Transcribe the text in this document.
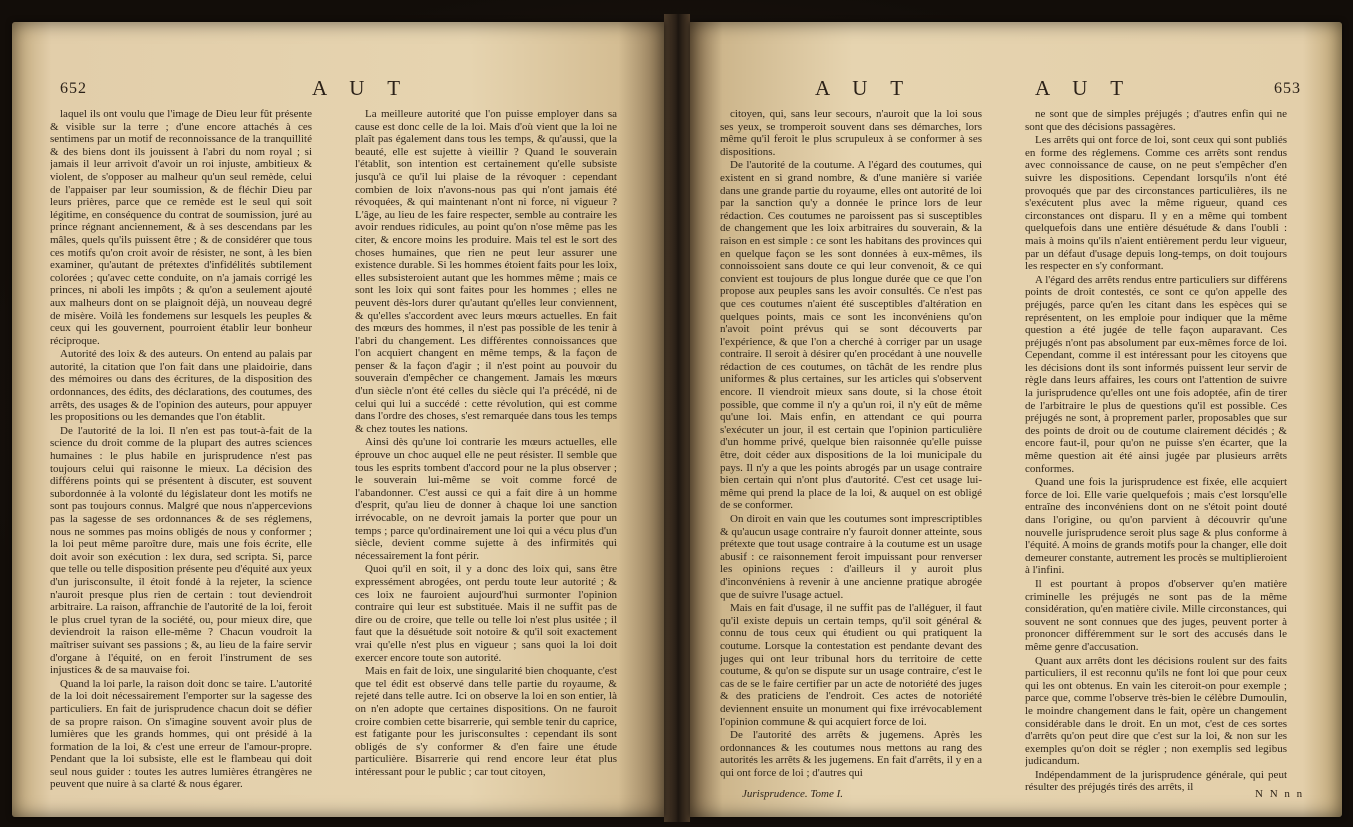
652	A U T

laquel ils ont voulu que l'image de Dieu leur fût présente & visible sur la terre ; d'une encore attachés à ces sentimens par un motif de reconnoissance de la tranquillité & des biens dont ils jouissent à l'abri du nom royal ; si jamais il leur arrivoit d'avoir un roi injuste, ambitieux & violent, de s'opposer au malheur qu'un seul remède, celui de l'appaiser par leur soumission, & de fléchir Dieu par leurs prières, parce que ce remède est le seul qui soit légitime, en conséquence du contrat de soumission, juré au prince régnant anciennement, & à ses descendans par les mâles, quels qu'ils puissent être ; & de considérer que tous ces motifs qu'on croit avoir de résister, ne sont, à les bien examiner, qu'autant de prétextes d'infidélités subtilement colorées ; qu'avec cette conduite, on n'a jamais corrigé les princes, ni aboli les impôts ; & qu'on a seulement ajouté aux malheurs dont on se plaignoit déjà, un nouveau degré de misère. Voilà les fondemens sur lesquels les peuples & ceux qui les gouvernent, pourroient établir leur bonheur réciproque.

Autorité des loix & des auteurs. On entend au palais par autorité, la citation que l'on fait dans une plaidoirie, dans des mémoires ou dans des écritures, de la disposition des ordonnances, des édits, des déclarations, des coutumes, des arrêts, des usages & de l'opinion des auteurs, pour appuyer les propositions ou les demandes que l'on établit.

De l'autorité de la loi. Il n'en est pas tout-à-fait de la science du droit comme de la plupart des autres sciences humaines : le plus habile en jurisprudence n'est pas toujours celui qui raisonne le mieux. La décision des différens points qui se présentent à discuter, est souvent subordonnée à la volonté du législateur dont les motifs ne sont pas toujours connus. Malgré que nous n'appercevions pas la sagesse de ses ordonnances & de ses réglemens, nous ne sommes pas moins obligés de nous y conformer ; la loi peut même paroître dure, mais une fois écrite, elle doit avoir son exécution : lex dura, sed scripta. Si, parce que telle ou telle disposition présente peu d'équité aux yeux d'un jurisconsulte, il étoit fondé à la rejeter, la science n'auroit presque plus rien de certain : tout deviendroit arbitraire. La raison, affranchie de l'autorité de la loi, feroit le plus cruel tyran de la société, ou, pour mieux dire, que deviendroit la raison elle-même ? Chacun voudroit la maîtriser suivant ses passions ; &, au lieu de la faire servir d'organe à l'équité, on en feroit l'instrument de ses injustices & de sa mauvaise foi.

Quand la loi parle, la raison doit donc se taire. L'autorité de la loi doit nécessairement l'emporter sur la sagesse des particuliers. En fait de jurisprudence chacun doit se défier de sa propre raison. On s'imagine souvent avoir plus de lumières que les grands hommes, qui ont présidé à la formation de la loi, & c'est une erreur de l'amour-propre. Pendant que la loi subsiste, elle est le flambeau qui doit seul nous guider : toutes les autres lumières étrangères ne peuvent que nuire à sa clarté & nous égarer.

La meilleure autorité que l'on puisse employer dans sa cause est donc celle de la loi. Mais d'où vient que la loi ne plaît pas également dans tous les temps, & qu'aussi, que la beauté, elle est sujette à vieillir ? Quand le souverain l'établit, son intention est certainement qu'elle subsiste jusqu'à ce qu'il lui plaise de la révoquer : cependant combien de loix n'avons-nous pas qui n'ont jamais été révoquées, & qui maintenant n'ont ni force, ni vigueur ? L'âge, au lieu de les faire respecter, semble au contraire les avoir rendues ridicules, au point qu'on n'ose même pas les citer, & encore moins les produire. Mais tel est le sort des choses humaines, que rien ne peut leur assurer une existence durable. Si les hommes étoient faits pour les loix, elles subsisteroient autant que les hommes même ; mais ce sont les loix qui sont faites pour les hommes ; elles ne peuvent dès-lors durer qu'autant qu'elles leur conviennent, & qu'elles s'accordent avec leurs mœurs actuelles. En fait des mœurs des hommes, il n'est pas possible de les tenir à l'abri du changement. Les différentes connoissances que l'on acquiert changent en même temps, & la façon de penser & la façon d'agir ; il n'est point au pouvoir du souverain d'empêcher ce changement. Jamais les mœurs d'un siècle n'ont été celles du siècle qui l'a précédé, ni de celui qui lui a succédé : cette révolution, qui est comme dans l'ordre des choses, s'est remarquée dans tous les temps & chez toutes les nations.

Ainsi dès qu'une loi contrarie les mœurs actuelles, elle éprouve un choc auquel elle ne peut résister. Il semble que tous les esprits tombent d'accord pour ne la plus observer ; le souverain lui-même se voit comme forcé de l'abandonner. C'est aussi ce qui a fait dire à un homme d'esprit, qu'au lieu de donner à chaque loi une sanction irrévocable, on ne devroit jamais la porter que pour un temps ; parce qu'ordinairement une loi qui a vécu plus d'un siècle, devient comme sujette à des infirmités qui nécessairement la font périr.

Quoi qu'il en soit, il y a donc des loix qui, sans être expressément abrogées, ont perdu toute leur autorité ; & ces loix ne fauroient aujourd'hui surmonter l'opinion contraire qui leur est substituée. Mais il ne suffit pas de dire ou de croire, que telle ou telle loi n'est plus usitée ; il faut que la désuétude soit notoire & qu'il soit exactement vrai qu'elle n'est plus en vigueur ; sans quoi la loi doit exercer encore toute son autorité.

Mais en fait de loix, une singularité bien choquante, c'est que tel édit est observé dans telle partie du royaume, & rejeté dans telle autre. Ici on observe la loi en son entier, là on n'en adopte que certaines dispositions. On ne fauroit croire combien cette bisarrerie, qui semble tenir du caprice, est fatigante pour les jurisconsultes : cependant ils sont obligés de s'y conformer & d'en faire une étude particulière. Bisarrerie qui rend encore leur état plus intéressant pour le public ; car tout citoyen,

A U T	A U T	653

citoyen, qui, sans leur secours, n'auroit que la loi sous ses yeux, se tromperoit souvent dans ses démarches, lors même qu'il feroit le plus scrupuleux à se conformer à ses dispositions.

De l'autorité de la coutume. A l'égard des coutumes, qui existent en si grand nombre, & d'une manière si variée dans une grande partie du royaume, elles ont autorité de loi par la sanction qu'y a donnée le prince lors de leur rédaction. Ces coutumes ne paroissent pas si susceptibles de changement que les loix arbitraires du souverain, & la raison en est simple : ce sont les habitans des provinces qui en quelque façon se les sont données à eux-mêmes, ils connoissoient sans doute ce qui leur convenoit, & ce qui convient est toujours de plus longue durée que ce que l'on propose aux peuples sans les avoir consultés. Ce n'est pas que ces coutumes n'aient été susceptibles d'altération en quelques points, mais ce sont les inconvéniens qu'on n'avoit point prévus qui se sont découverts par l'expérience, & que l'on a cherché à corriger par un usage contraire. Il seroit à désirer qu'en procédant à une nouvelle rédaction de ces coutumes, on tâchât de les rendre plus uniformes & plus certaines, sur les articles qui s'observent encore. Il viendroit mieux sans doute, si la chose étoit possible, que comme il n'y a qu'un roi, il n'y eût de même qu'une loi. Mais enfin, en attendant ce qui pourra s'exécuter un jour, il est certain que l'opinion particulière d'un homme privé, quelque bien raisonnée qu'elle puisse être, doit céder aux dispositions de la loi municipale du pays. Il n'y a que les points abrogés par un usage contraire bien certain qui n'ont plus d'autorité. C'est cet usage lui-même qui prend la place de la loi, & auquel on est obligé de se conformer.

On diroit en vain que les coutumes sont imprescriptibles & qu'aucun usage contraire n'y fauroit donner atteinte, sous prétexte que tout usage contraire à la coutume est un usage abusif : ce raisonnement feroit impuissant pour renverser les opinions reçues : d'ailleurs il y auroit plus d'inconvéniens à revenir à une ancienne pratique abrogée que de suivre l'usage actuel.

Mais en fait d'usage, il ne suffit pas de l'alléguer, il faut qu'il existe depuis un certain temps, qu'il soit général & connu de tous ceux qui étudient ou qui pratiquent la coutume. Lorsque la contestation est pendante devant des juges qui ont leur tribunal hors du territoire de cette coutume, & qu'on se dispute sur un usage contraire, c'est le cas de se le faire certifier par un acte de notoriété des juges & des praticiens de l'endroit. Ces actes de notoriété deviennent ensuite un monument qui fixe irrévocablement l'opinion commune & qui acquiert force de loi.

De l'autorité des arrêts & jugemens. Après les ordonnances & les coutumes nous mettons au rang des autorités les arrêts & les jugemens. En fait d'arrêts, il y en a qui ont force de loi ; d'autres qui

ne sont que de simples préjugés ; d'autres enfin qui ne sont que des décisions passagères.

Les arrêts qui ont force de loi, sont ceux qui sont publiés en forme des réglemens. Comme ces arrêts sont rendus avec connoissance de cause, on ne peut s'empêcher d'en suivre les dispositions. Cependant lorsqu'ils n'ont été provoqués que par des circonstances particulières, ils ne s'exécutent plus avec la même rigueur, quand ces circonstances ont disparu. Il y en a même qui tombent quelquefois dans une entière désuétude & dans l'oubli : mais à moins qu'ils n'aient entièrement perdu leur vigueur, par un défaut d'usage depuis long-temps, on doit toujours les respecter en s'y conformant.

A l'égard des arrêts rendus entre particuliers sur différens points de droit contestés, ce sont ce qu'on appelle des préjugés, parce qu'en les citant dans les espèces qui se représentent, on les emploie pour indiquer que la même question a été jugée de telle façon auparavant. Ces préjugés n'ont pas absolument par eux-mêmes force de loi. Cependant, comme il est intéressant pour les citoyens que les décisions dont ils sont informés puissent leur servir de règle dans leurs affaires, les cours ont l'attention de suivre la jurisprudence qu'elles ont une fois adoptée, afin de tirer de l'arbitraire le plus de questions qu'il est possible. Ces préjugés ne sont, à proprement parler, proposables que sur des points de droit ou de coutume clairement décidés ; & encore faut-il, pour qu'on ne puisse s'en écarter, que la même question ait été ainsi jugée par plusieurs arrêts conformes.

Quand une fois la jurisprudence est fixée, elle acquiert force de loi. Elle varie quelquefois ; mais c'est lorsqu'elle entraîne des inconvéniens dont on ne s'étoit point douté dans l'origine, ou qu'on parvient à découvrir qu'une nouvelle jurisprudence seroit plus sage & plus conforme à l'équité. A moins de grands motifs pour la changer, elle doit demeurer constante, autrement les procès se multiplieroient à l'infini.

Il est pourtant à propos d'observer qu'en matière criminelle les préjugés ne sont pas de la même considération, qu'en matière civile. Mille circonstances, qui souvent ne sont connues que des juges, peuvent porter à prononcer différemment sur le sort des accusés dans le même genre d'accusation.

Quant aux arrêts dont les décisions roulent sur des faits particuliers, il est reconnu qu'ils ne font loi que pour ceux qui les ont obtenus. En vain les citeroit-on pour exemple ; parce que, comme l'observe très-bien le célèbre Dumoulin, le moindre changement dans le fait, opère un changement considérable dans le droit. En un mot, c'est de ces sortes d'arrêts qu'on peut dire que c'est sur la loi, & non sur les exemples qu'on doit se régler ; non exemplis sed legibus judicandum.

Indépendamment de la jurisprudence générale, qui peut résulter des préjugés tirés des arrêts, il

Jurisprudence. Tome I.	N N n n
